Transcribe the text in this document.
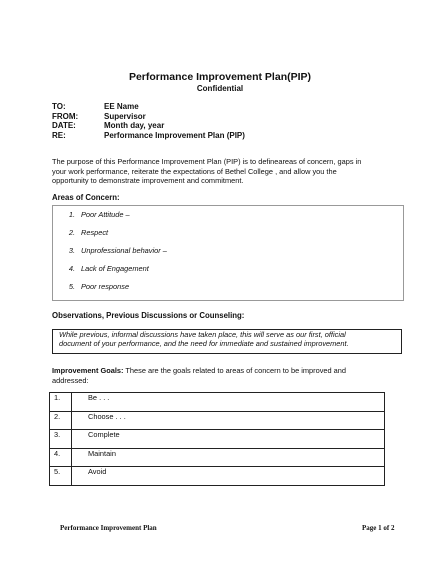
Performance Improvement Plan(PIP)
Confidential
TO:	EE Name
FROM:	Supervisor
DATE:	Month day, year
RE:	Performance Improvement Plan (PIP)
The purpose of this Performance Improvement Plan (PIP) is to defineareas of concern, gaps in
your work performance, reiterate the expectations of Bethel College , and allow you the
opportunity to demonstrate improvement and commitment.
Areas of Concern:
1. Poor Attitude –
2. Respect
3. Unprofessional behavior –
4. Lack of Engagement
5. Poor response
Observations, Previous Discussions or Counseling:
While previous, informal discussions have taken place, this will serve as our first, official
document of your performance, and the need for immediate and sustained improvement.
Improvement Goals: These are the goals related to areas of concern to be improved and
addressed:
1.	Be . . .
2.	Choose . . .
3.	Complete
4.	Maintain
5.	Avoid
Performance Improvement Plan	Page 1 of 2
